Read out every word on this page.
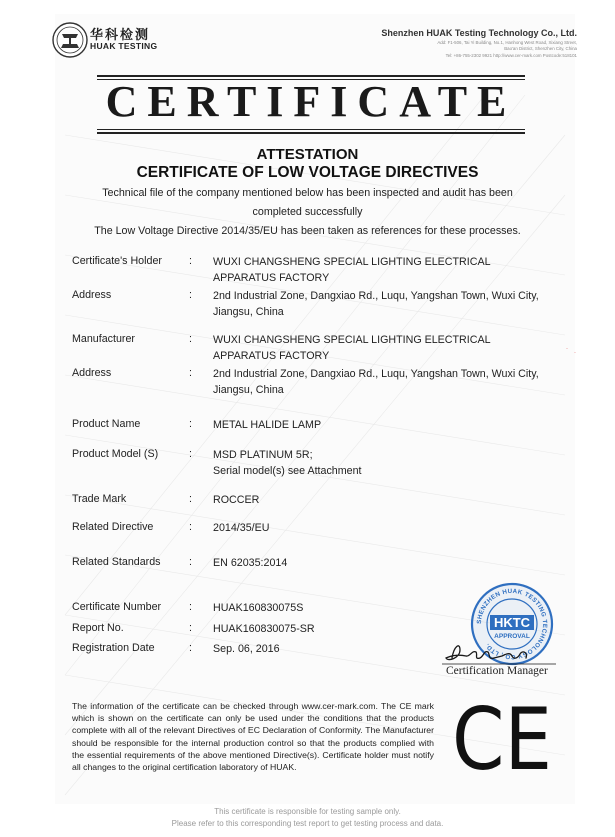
华科检测
HUAK TESTING
Shenzhen HUAK Testing Technology Co., Ltd.
Add: F1-506, Tai Yi Building, No.1, Hanhong West Road, Xixiang Street,
Bao'an District, Shenzhen City, China
Tel: +86-755-2302 9921 http://www.cer-mark.com Postcode:518101
CERTIFICATE
ATTESTATION
CERTIFICATE OF LOW VOLTAGE DIRECTIVES
Technical file of the company mentioned below has been inspected and audit has been
completed successfully
The Low Voltage Directive 2014/35/EU has been taken as references for these processes.
Certificate's Holder	: WUXI CHANGSHENG SPECIAL LIGHTING ELECTRICAL
APPARATUS FACTORY
Address	: 2nd Industrial Zone, Dangxiao Rd., Luqu, Yangshan Town, Wuxi City,
Jiangsu, China
Manufacturer	: WUXI CHANGSHENG SPECIAL LIGHTING ELECTRICAL
APPARATUS FACTORY
Address	: 2nd Industrial Zone, Dangxiao Rd., Luqu, Yangshan Town, Wuxi City,
Jiangsu, China
Product Name	: METAL HALIDE LAMP
Product Model (S)	: MSD PLATINUM 5R;
Serial model(s) see Attachment
Trade Mark	: ROCCER
Related Directive	: 2014/35/EU
Related Standards	: EN 62035:2014
Certificate Number	: HUAK160830075S
Report No.	: HUAK160830075-SR
Registration Date	: Sep. 06, 2016
SHENZHEN HUAK TESTING TECHNOLOGY CO., LTD.
HKTC
APPROVAL
Certification Manager
The information of the certificate can be checked through www.cer-mark.com. The CE mark which is shown on the certificate can only be used under the conditions that the products complete with all of the relevant Directives of EC Declaration of Conformity. The Manufacturer should be responsible for the internal production control so that the products complied with the essential requirements of the above mentioned Directive(s). Certificate holder must notify all changes to the original certification laboratory of HUAK.	CE
·
·
This certificate is responsible for testing sample only.
Please refer to this corresponding test report to get testing process and data.
